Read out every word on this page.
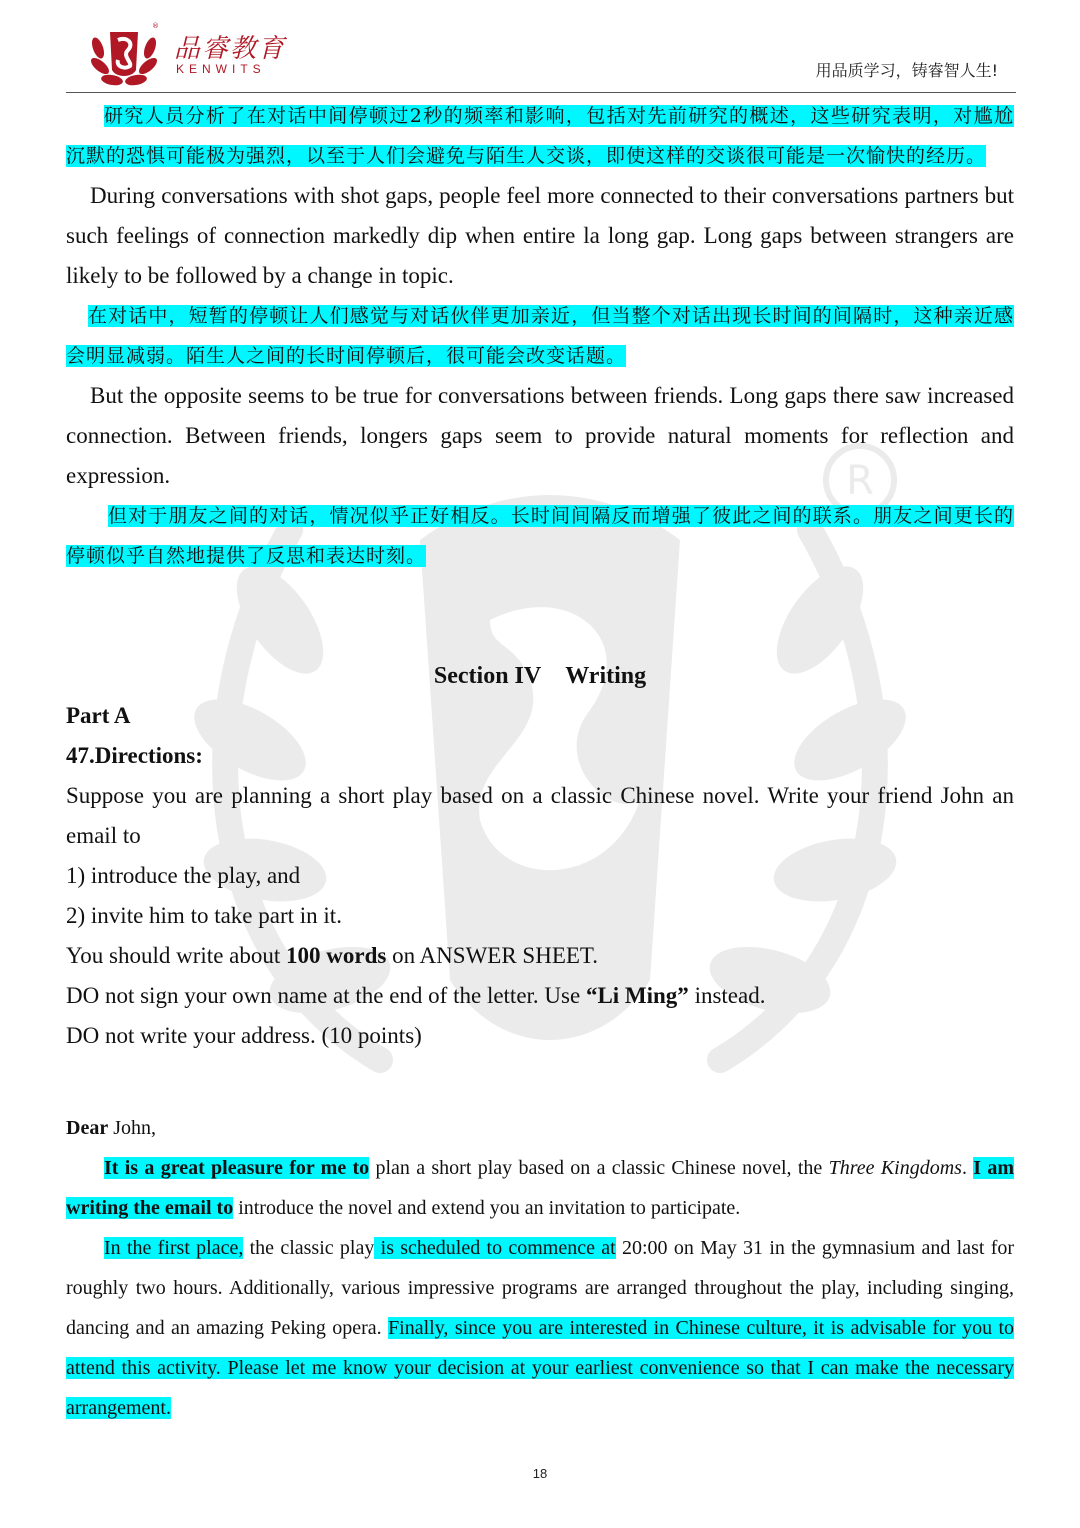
R
®
品睿教育
KENWITS	用品质学习，铸睿智人生!

研究人员分析了在对话中间停顿过2秒的频率和影响，包括对先前研究的概述，这些研究表明，对尴尬沉默的恐惧可能极为强烈，以至于人们会避免与陌生人交谈，即使这样的交谈很可能是一次愉快的经历。

During conversations with shot gaps, people feel more connected to their conversations partners but such feelings of connection markedly dip when entire la long gap. Long gaps between strangers are likely to be followed by a change in topic.

在对话中，短暂的停顿让人们感觉与对话伙伴更加亲近，但当整个对话出现长时间的间隔时，这种亲近感会明显减弱。陌生人之间的长时间停顿后，很可能会改变话题。

But the opposite seems to be true for conversations between friends. Long gaps there saw increased connection. Between friends, longers gaps seem to provide natural moments for reflection and expression.

但对于朋友之间的对话，情况似乎正好相反。长时间间隔反而增强了彼此之间的联系。朋友之间更长的停顿似乎自然地提供了反思和表达时刻。

Section IV Writing

Part A

47.Directions:

Suppose you are planning a short play based on a classic Chinese novel. Write your friend John an email to

1) introduce the play, and

2) invite him to take part in it.

You should write about 100 words on ANSWER SHEET.

DO not sign your own name at the end of the letter. Use “Li Ming” instead.

DO not write your address. (10 points)

Dear John,

It is a great pleasure for me to plan a short play based on a classic Chinese novel, the Three Kingdoms. I am writing the email to introduce the novel and extend you an invitation to participate.

In the first place, the classic play is scheduled to commence at 20:00 on May 31 in the gymnasium and last for roughly two hours. Additionally, various impressive programs are arranged throughout the play, including singing, dancing and an amazing Peking opera. Finally, since you are interested in Chinese culture, it is advisable for you to attend this activity. Please let me know your decision at your earliest convenience so that I can make the necessary arrangement.

18
